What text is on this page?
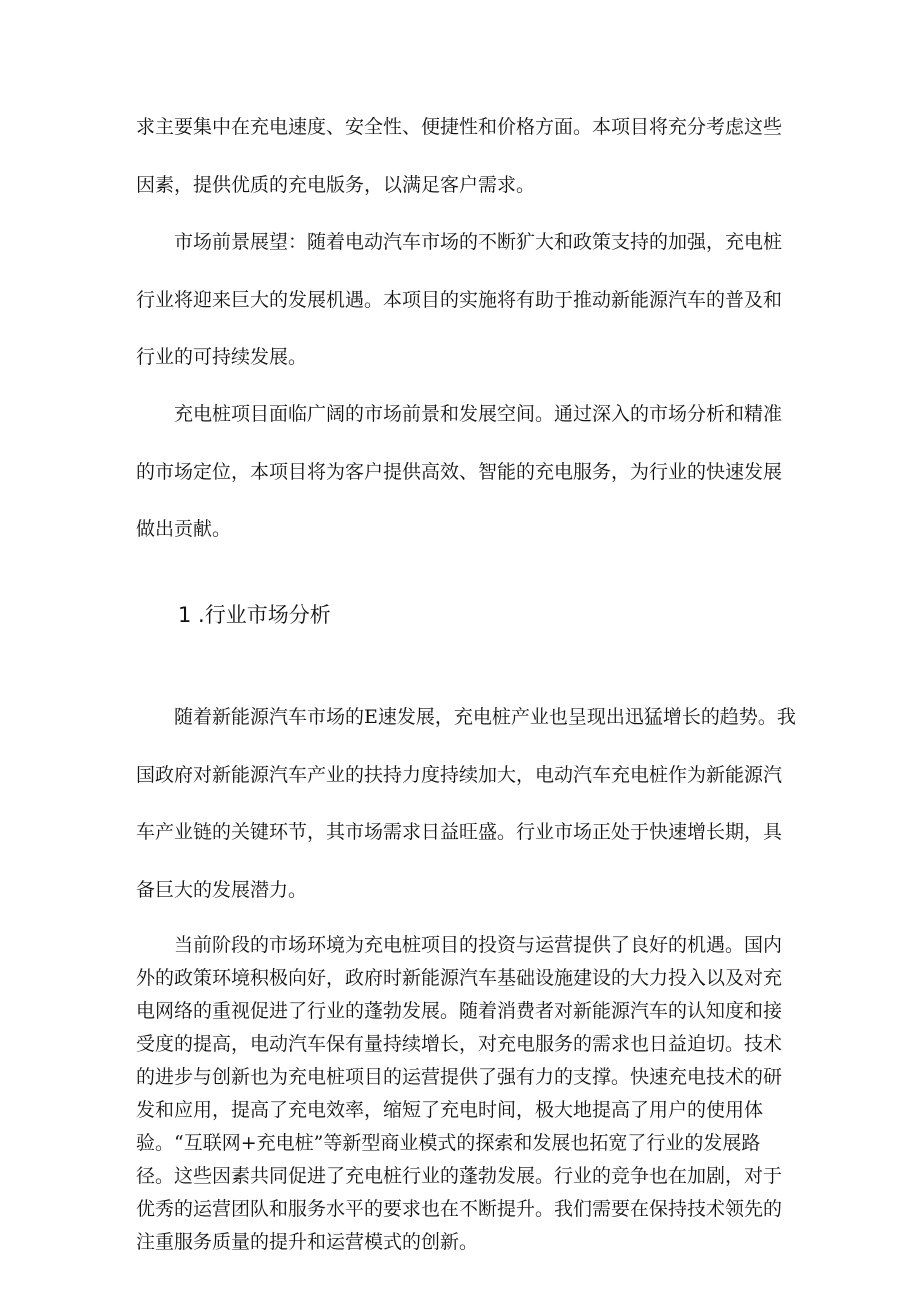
求主要集中在充电速度、安全性、便捷性和价格方面。本项目将充分考虑这些因素，提供优质的充电版务，以满足客户需求。

市场前景展望：随着电动汽车市场的不断犷大和政策支持的加强，充电桩行业将迎来巨大的发展机遇。本项目的实施将有助于推动新能源汽车的普及和行业的可持续发展。

充电桩项目面临广阔的市场前景和发展空间。通过深入的市场分析和精准的市场定位，本项目将为客户提供高效、智能的充电服务，为行业的快速发展做出贡献。

1 .行业市场分析

随着新能源汽车市场的E速发展，充电桩产业也呈现出迅猛增长的趋势。我国政府对新能源汽车产业的扶持力度持续加大，电动汽车充电桩作为新能源汽车产业链的关键环节，其市场需求日益旺盛。行业市场正处于快速增长期，具备巨大的发展潜力。

当前阶段的市场环境为充电桩项目的投资与运营提供了良好的机遇。国内外的政策环境积极向好，政府时新能源汽车基础设施建设的大力投入以及对充电网络的重视促进了行业的蓬勃发展。随着消费者对新能源汽车的认知度和接受度的提高，电动汽车保有量持续增长，对充电服务的需求也日益迫切。技术的进步与创新也为充电桩项目的运营提供了强有力的支撑。快速充电技术的研发和应用，提高了充电效率，缩短了充电时间，极大地提高了用户的使用体验。“互联网+充电桩”等新型商业模式的探索和发展也拓宽了行业的发展路径。这些因素共同促进了充电桩行业的蓬勃发展。行业的竞争也在加剧，对于优秀的运营团队和服务水平的要求也在不断提升。我们需要在保持技术领先的注重服务质量的提升和运营模式的创新。
